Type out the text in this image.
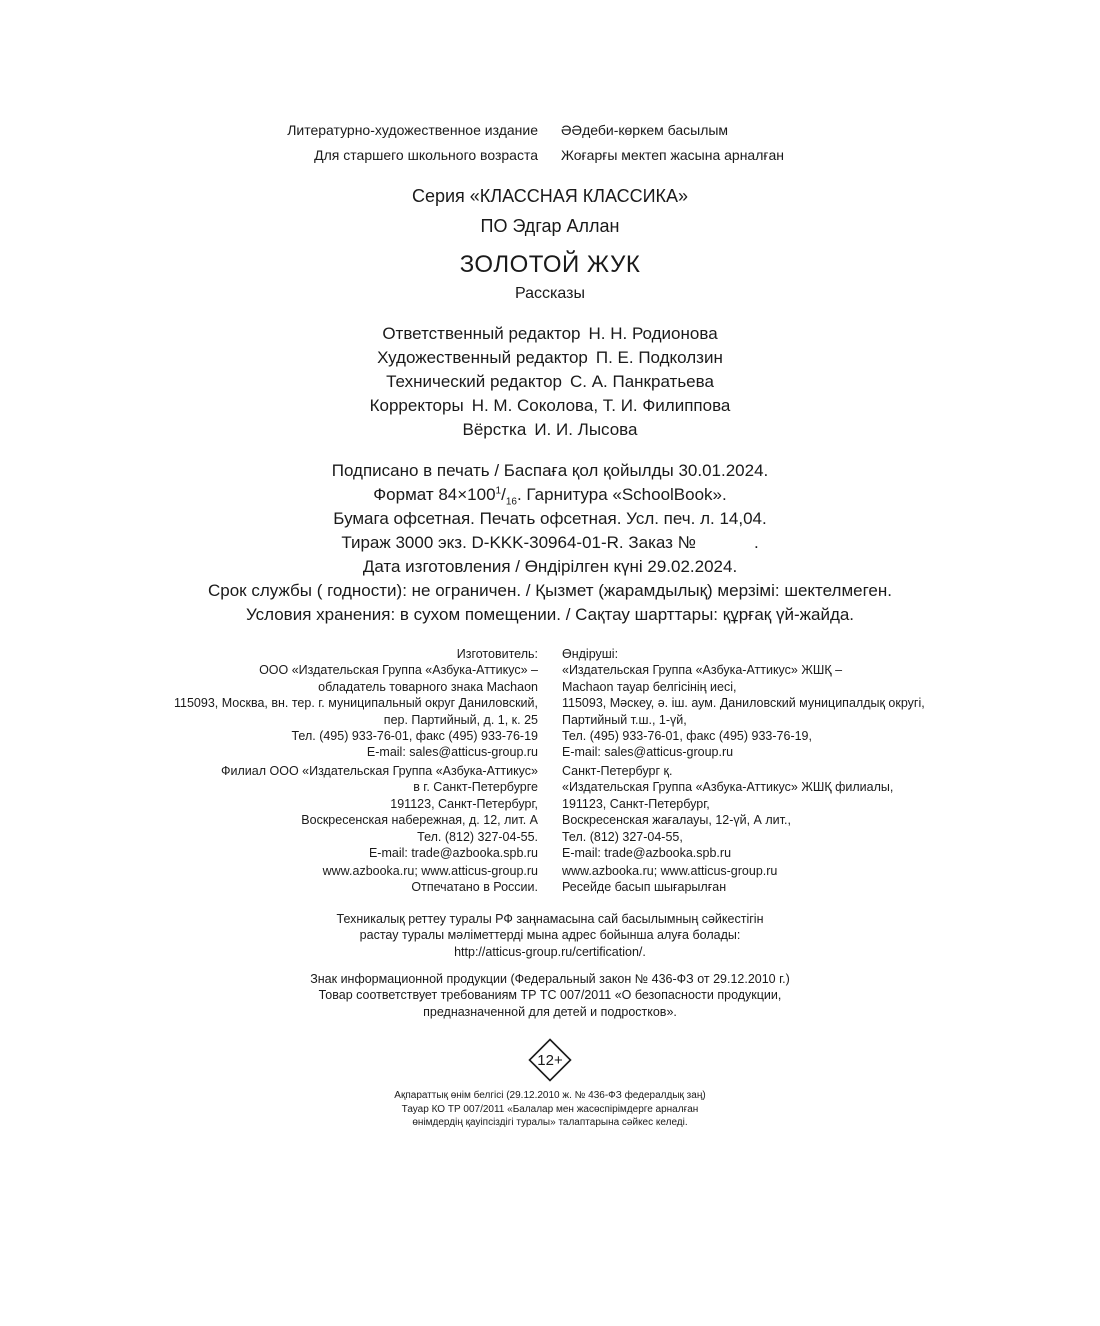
Литературно-художественное издание
Для старшего школьного возраста
ӘӘдеби-көркем басылым
Жоғарғы мектеп жасына арналған
Серия «КЛАССНАЯ КЛАССИКА»
ПО Эдгар Аллан
ЗОЛОТОЙ ЖУК
Рассказы
Ответственный редактор Н. Н. Родионова
Художественный редактор П. Е. Подколзин
Технический редактор С. А. Панкратьева
Корректоры Н. М. Соколова, Т. И. Филиппова
Вёрстка И. И. Лысова
Подписано в печать / Баспаға қол қойылды 30.01.2024.
Формат $84\times 100^1/_{16}$. Гарнитура «SchoolBook».
Бумага офсетная. Печать офсетная. Усл. печ. л. 14,04.
Тираж 3000 экз. D-KKK-30964-01-R. Заказ №	.
Дата изготовления / Өндірілген күні 29.02.2024.
Срок службы ( годности): не ограничен. / Қызмет (жарамдылық) мерзімі: шектелмеген.
Условия хранения: в сухом помещении. / Сақтау шарттары: құрғақ үй-жайда.
Изготовитель:
ООО «Издательская Группа «Азбука-Аттикус» –
обладатель товарного знака Machaon
115093, Москва, вн. тер. г. муниципальный округ Даниловский,
пер. Партийный, д. 1, к. 25
Тел. (495) 933-76-01, факс (495) 933-76-19
E-mail: sales@atticus-group.ru
Өндіруші:
«Издательская Группа «Азбука-Аттикус» ЖШҚ –
Machaon тауар белгісінің иесі,
115093, Мәскеу, ә. іш. аум. Даниловский муниципалдық округі,
Партийный т.ш., 1-үй,
Тел. (495) 933-76-01, факс (495) 933-76-19,
E-mail: sales@atticus-group.ru
Филиал ООО «Издательская Группа «Азбука-Аттикус»
в г. Санкт-Петербурге
191123, Санкт-Петербург,
Воскресенская набережная, д. 12, лит. А
Тел. (812) 327-04-55.
E-mail: trade@azbooka.spb.ru
Санкт-Петербург қ.
«Издательская Группа «Азбука-Аттикус» ЖШҚ филиалы,
191123, Санкт-Петербург,
Воскресенская жағалауы, 12-үй, А лит.,
Тел. (812) 327-04-55,
E-mail: trade@azbooka.spb.ru
www.azbooka.ru; www.atticus-group.ru
Отпечатано в России.
www.azbooka.ru; www.atticus-group.ru
Ресейде басып шығарылған
Техникалық реттеу туралы РФ заңнамасына сай басылымның сәйкестігін
растау туралы мәліметтерді мына адрес бойынша алуға болады:
http://atticus-group.ru/certification/.
Знак информационной продукции (Федеральный закон № 436-ФЗ от 29.12.2010 г.)
Товар соответствует требованиям ТР ТС 007/2011 «О безопасности продукции,
предназначенной для детей и подростков».
12+
Ақпараттық өнім белгісі (29.12.2010 ж. № 436-ФЗ федералдық заң)
Тауар КО ТР 007/2011 «Балалар мен жасөспірімдерге арналған
өнімдердің қауіпсіздігі туралы» талаптарына сәйкес келеді.
